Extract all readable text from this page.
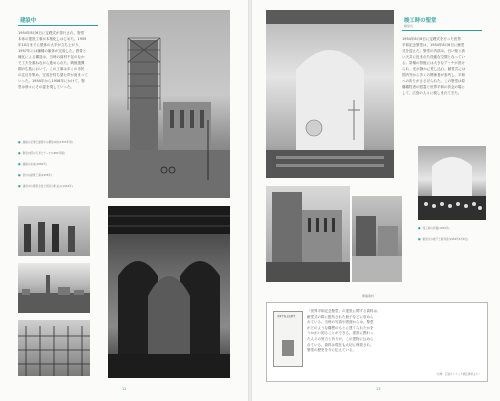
建設中
1954年8月6日に定礎式が挙行され、聖堂
本体の建設工事が本格化しはじめた。1955
年10月までに壁体の大半が立ち上がり、
1957年には鐘楼の躯体が完成した。鉄骨と
煉瓦による構造は、当時の資材不足のなか
で工夫を重ねながら進められた。戦後復興
期の広島において、この工事は多くの市民
の注目を集め、完成を待ち望む声が高まって
いった。1954年から1958年にかけて、聖
堂は徐々にその姿を現していった。
● 鐘楼の足場と建設中の聖堂本体(1955年頃)
● 聖堂内部の天井とアーチ(1955年頃)
● 鐘楼の完成(1956年)
● 堂内の鉄骨工事(1955年)
● 建設中の聖堂全景と周辺の町並み(1954年)
12
竣工時の聖堂
献堂式
1954年8月6日に定礎式を行った世界
平和記念聖堂は、1954年8月6日に献堂
式を迎えた。聖堂の内部は、白い壁と高
い天井に包まれた荘厳な空間となってい
る。祭壇の背後には大きなアーチが設け
られ、光が静かに差し込む。献堂式には
国内外から多くの関係者が参列し、平和
への祈りがささげられた。この聖堂は原
爆犠牲者の慰霊と世界平和の祈念の場と
して、広島の人々に親しまれてきた。
● 竣工時の祭壇(1954年)
● 献堂式の様子と参列者(1954年8月6日)
関連資料
世界平和記念聖堂
「世界平和記念聖堂」の建設に関する資料は、
献堂式の際に配布された冊子などに収めら
れている。当時の写真や図面からは、聖堂
がどのような構想のもとに建てられたかを
うかがい知ることができる。建設に携わっ
た人々の努力と祈りが、この建物に込めら
れている。資料は現在も大切に保管され、
聖堂の歴史を今に伝えている。
（出典：広島カトリック教区資料より）
13
